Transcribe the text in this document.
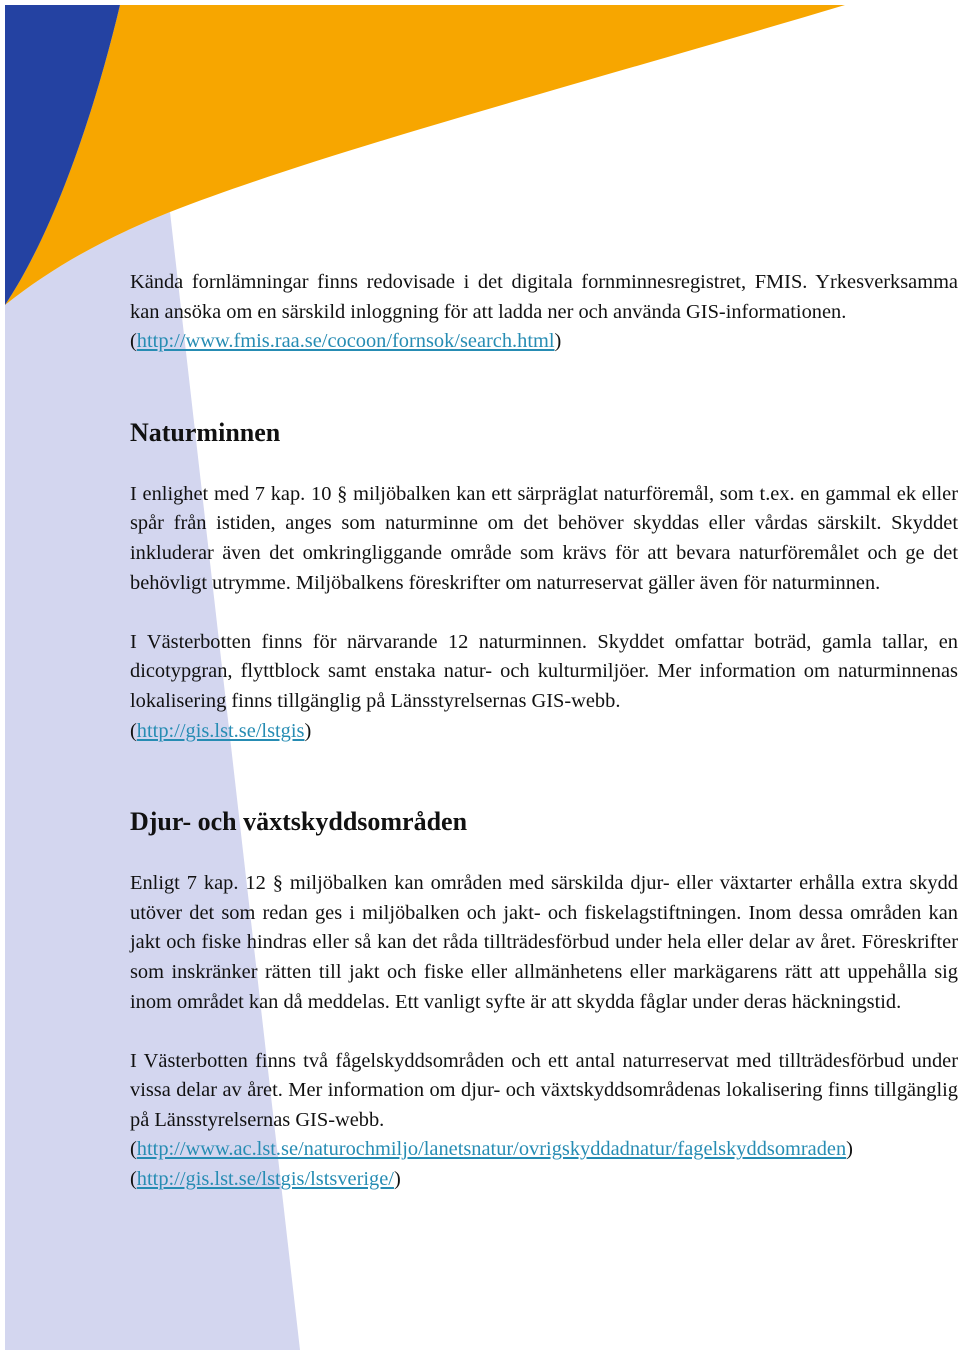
Kända fornlämningar finns redovisade i det digitala fornminnesregistret, FMIS. Yrkesverksamma kan ansöka om en särskild inloggning för att ladda ner och använda GIS-informationen.
(http://www.fmis.raa.se/cocoon/fornsok/search.html)

Naturminnen

I enlighet med 7 kap. 10 § miljöbalken kan ett särpräglat naturföremål, som t.ex. en gammal ek eller spår från istiden, anges som naturminne om det behöver skyddas eller vårdas särskilt. Skyddet inkluderar även det omkringliggande område som krävs för att bevara naturföremålet och ge det behövligt utrymme. Miljöbalkens föreskrifter om naturreservat gäller även för naturminnen.

I Västerbotten finns för närvarande 12 naturminnen. Skyddet omfattar boträd, gamla tallar, en dicotypgran, flyttblock samt enstaka natur- och kulturmiljöer. Mer information om naturminnenas lokalisering finns tillgänglig på Länsstyrelsernas GIS-webb.
(http://gis.lst.se/lstgis)

Djur- och växtskyddsområden

Enligt 7 kap. 12 § miljöbalken kan områden med särskilda djur- eller växtarter erhålla extra skydd utöver det som redan ges i miljöbalken och jakt- och fiskelagstiftningen. Inom dessa områden kan jakt och fiske hindras eller så kan det råda tillträdesförbud under hela eller delar av året. Föreskrifter som inskränker rätten till jakt och fiske eller allmänhetens eller markägarens rätt att uppehålla sig inom området kan då meddelas. Ett vanligt syfte är att skydda fåglar under deras häckningstid.

I Västerbotten finns två fågelskyddsområden och ett antal naturreservat med tillträdesförbud under vissa delar av året. Mer information om djur- och växtskyddsområdenas lokalisering finns tillgänglig på Länsstyrelsernas GIS-webb.
(http://www.ac.lst.se/naturochmiljo/lanetsnatur/ovrigskyddadnatur/fagelskyddsomraden)
(http://gis.lst.se/lstgis/lstsverige/)
